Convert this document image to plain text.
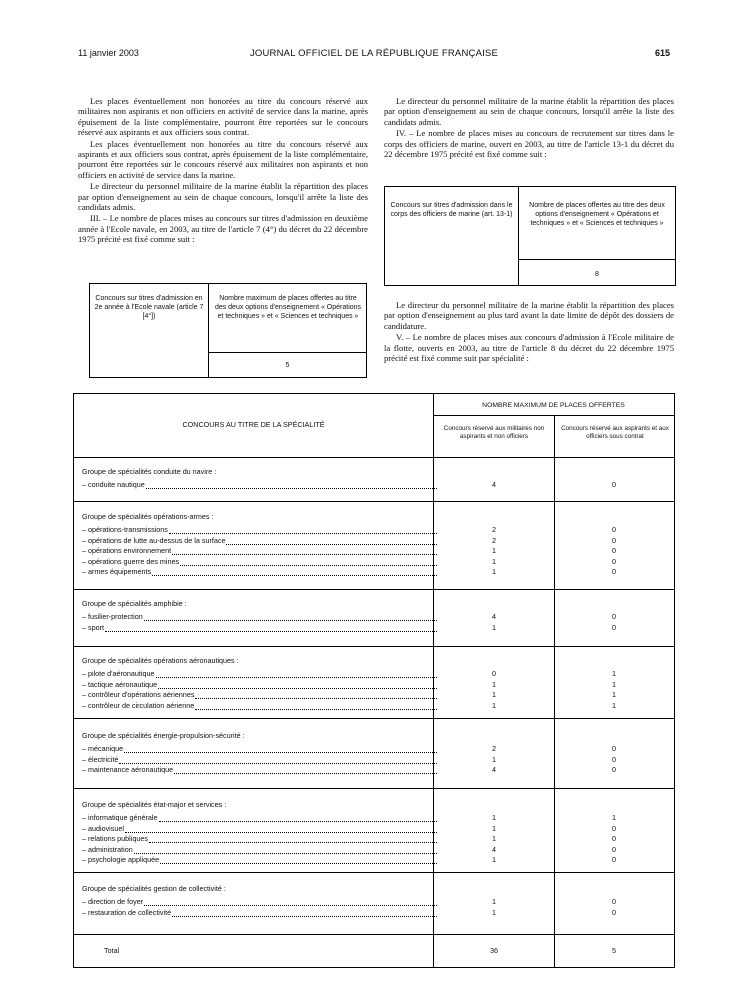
11 janvier 2003	JOURNAL OFFICIEL DE LA RÉPUBLIQUE FRANÇAISE	615

Les places éventuellement non honorées au titre du concours réservé aux militaires non aspirants et non officiers en activité de service dans la marine, après épuisement de la liste complémentaire, pourront être reportées sur le concours réservé aux aspirants et aux officiers sous contrat.

Les places éventuellement non honorées au titre du concours réservé aux aspirants et aux officiers sous contrat, après épuisement de la liste complémentaire, pourront être reportées sur le concours réservé aux militaires non aspirants et non officiers en activité de service dans la marine.

Le directeur du personnel militaire de la marine établit la répartition des places par option d'enseignement au sein de chaque concours, lorsqu'il arrête la liste des candidats admis.

III. – Le nombre de places mises au concours sur titres d'admission en deuxième année à l'Ecole navale, en 2003, au titre de l'article 7 (4°) du décret du 22 décembre 1975 précité est fixé comme suit :

Concours sur titres d'admission en 2e année à l'Ecole navale (article 7 [4°])
Nombre maximum de places offertes au titre des deux options d'enseignement « Opérations et techniques » et « Sciences et techniques »
5

Le directeur du personnel militaire de la marine établit la répartition des places par option d'enseignement au sein de chaque concours, lorsqu'il arrête la liste des candidats admis.

IV. – Le nombre de places mises au concours de recrutement sur titres dans le corps des officiers de marine, ouvert en 2003, au titre de l'article 13-1 du décret du 22 décembre 1975 précité est fixé comme suit :

Concours sur titres d'admission dans le corps des officiers de marine (art. 13-1)
Nombre de places offertes au titre des deux options d'enseignement « Opérations et techniques » et « Sciences et techniques »
8

Le directeur du personnel militaire de la marine établit la répartition des places par option d'enseignement au plus tard avant la date limite de dépôt des dossiers de candidature.

V. – Le nombre de places mises aux concours d'admission à l'Ecole militaire de la flotte, ouverts en 2003, au titre de l'article 8 du décret du 22 décembre 1975 précité est fixé comme suit par spécialité :

CONCOURS AU TITRE DE LA SPÉCIALITÉ
NOMBRE MAXIMUM DE PLACES OFFERTES
Concours réservé aux militaires non aspirants et non officiers
Concours réservé aux aspirants et aux officiers sous contrat
Groupe de spécialités conduite du navire :
– conduite nautique	4	0
Groupe de spécialités opérations-armes :
– opérations-transmissions	2	0
– opérations de lutte au-dessus de la surface	2	0
– opérations environnement	1	0
– opérations guerre des mines	1	0
– armes équipements	1	0
Groupe de spécialités amphibie :
– fusilier-protection	4	0
– sport	1	0
Groupe de spécialités opérations aéronautiques :
– pilote d'aéronautique	0	1
– tactique aéronautique	1	1
– contrôleur d'opérations aériennes	1	1
– contrôleur de circulation aérienne	1	1
Groupe de spécialités énergie-propulsion-sécurité :
– mécanique	2	0
– électricité	1	0
– maintenance aéronautique	4	0
Groupe de spécialités état-major et services :
– informatique générale	1	1
– audiovisuel	1	0
– relations publiques	1	0
– administration	4	0
– psychologie appliquée	1	0
Groupe de spécialités gestion de collectivité :
– direction de foyer	1	0
– restauration de collectivité	1	0
Total	36	5
